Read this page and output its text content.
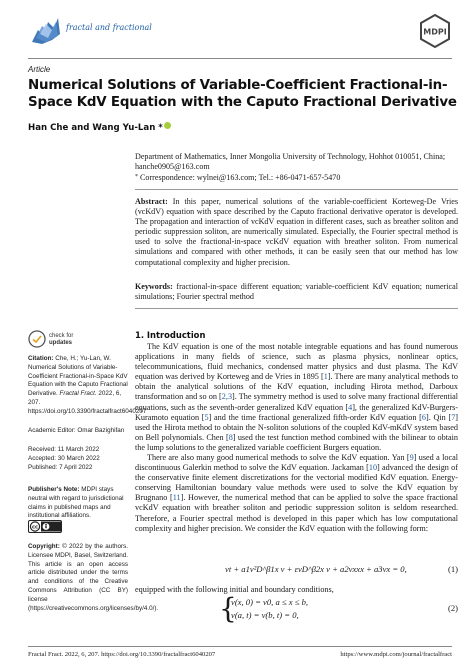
fractal and fractional	MDPI
Article
Numerical Solutions of Variable-Coefficient Fractional-in-Space KdV Equation with the Caputo Fractional Derivative
Han Che and Wang Yu-Lan *
Department of Mathematics, Inner Mongolia University of Technology, Hohhot 010051, China;
hanche0905@163.com
* Correspondence: wylnei@163.com; Tel.: +86-0471-657-5470
Abstract: In this paper, numerical solutions of the variable-coefficient Korteweg-De Vries (vcKdV) equation with space described by the Caputo fractional derivative operator is developed. The propagation and interaction of vcKdV equation in different cases, such as breather soliton and periodic suppression soliton, are numerically simulated. Especially, the Fourier spectral method is used to solve the fractional-in-space vcKdV equation with breather soliton. From numerical simulations and compared with other methods, it can be easily seen that our method has low computational complexity and higher precision.
Keywords: fractional-in-space different equation; variable-coefficient KdV equation; numerical simulations; Fourier spectral method
1. Introduction
The KdV equation is one of the most notable integrable equations and has found numerous applications in many fields of science, such as plasma physics, nonlinear optics, telecommunications, fluid mechanics, condensed matter physics and dust plasma. The KdV equation was derived by Korteweg and de Vries in 1895 [1]. There are many analytical methods to obtain the analytical solutions of the KdV equation, including Hirota method, Darboux transformation and so on [2,3]. The symmetry method is used to solve many fractional differential equations, such as the seventh-order generalized KdV equation [4], the generalized KdV-Burgers-Kuramoto equation [5] and the time fractional generalized fifth-order KdV equation [6]. Qin [7] used the Hirota method to obtain the N-soliton solutions of the coupled KdV-mKdV system based on Bell polynomials. Chen [8] used the test function method combined with the bilinear to obtain the lump solutions to the generalized variable coefficient Burgers equation.
There are also many good numerical methods to solve the KdV equation. Yan [9] used a local discontinuous Galerkin method to solve the KdV equation. Jackaman [10] advanced the design of the conservative finite element discretizations for the vectorial modified KdV equation. Energy-conserving Hamiltonian boundary value methods were used to solve the KdV equation by Brugnano [11]. However, the numerical method that can be applied to solve the space fractional vcKdV equation with breather soliton and periodic suppression soliton is seldom researched. Therefore, a Fourier spectral method is developed in this paper which has low computational complexity and higher precision. We consider the KdV equation with the following form:
vt + a1v²D^β1x v + εvD^β2x v + a2vxxx + a3vx = 0,	(1)
equipped with the following initial and boundary conditions,
{
v(x, 0) = v0, a ≤ x ≤ b,
v(a, t) = v(b, t) = 0,
(2)
check for
updates
Citation: Che, H.; Yu-Lan, W. Numerical Solutions of Variable-Coefficient Fractional-in-Space KdV Equation with the Caputo Fractional Derivative. Fractal Fract. 2022, 6, 207. https://doi.org/10.3390/fractalfract6040207
Academic Editor: Omar Bazighifan
Received: 11 March 2022
Accepted: 30 March 2022
Published: 7 April 2022
Publisher's Note: MDPI stays neutral with regard to jurisdictional claims in published maps and institutional affiliations.
cc
Copyright: © 2022 by the authors. Licensee MDPI, Basel, Switzerland. This article is an open access article distributed under the terms and conditions of the Creative Commons Attribution (CC BY) license (https://creativecommons.org/licenses/by/4.0/).
Fractal Fract. 2022, 6, 207. https://doi.org/10.3390/fractalfract6040207	https://www.mdpi.com/journal/fractalfract
